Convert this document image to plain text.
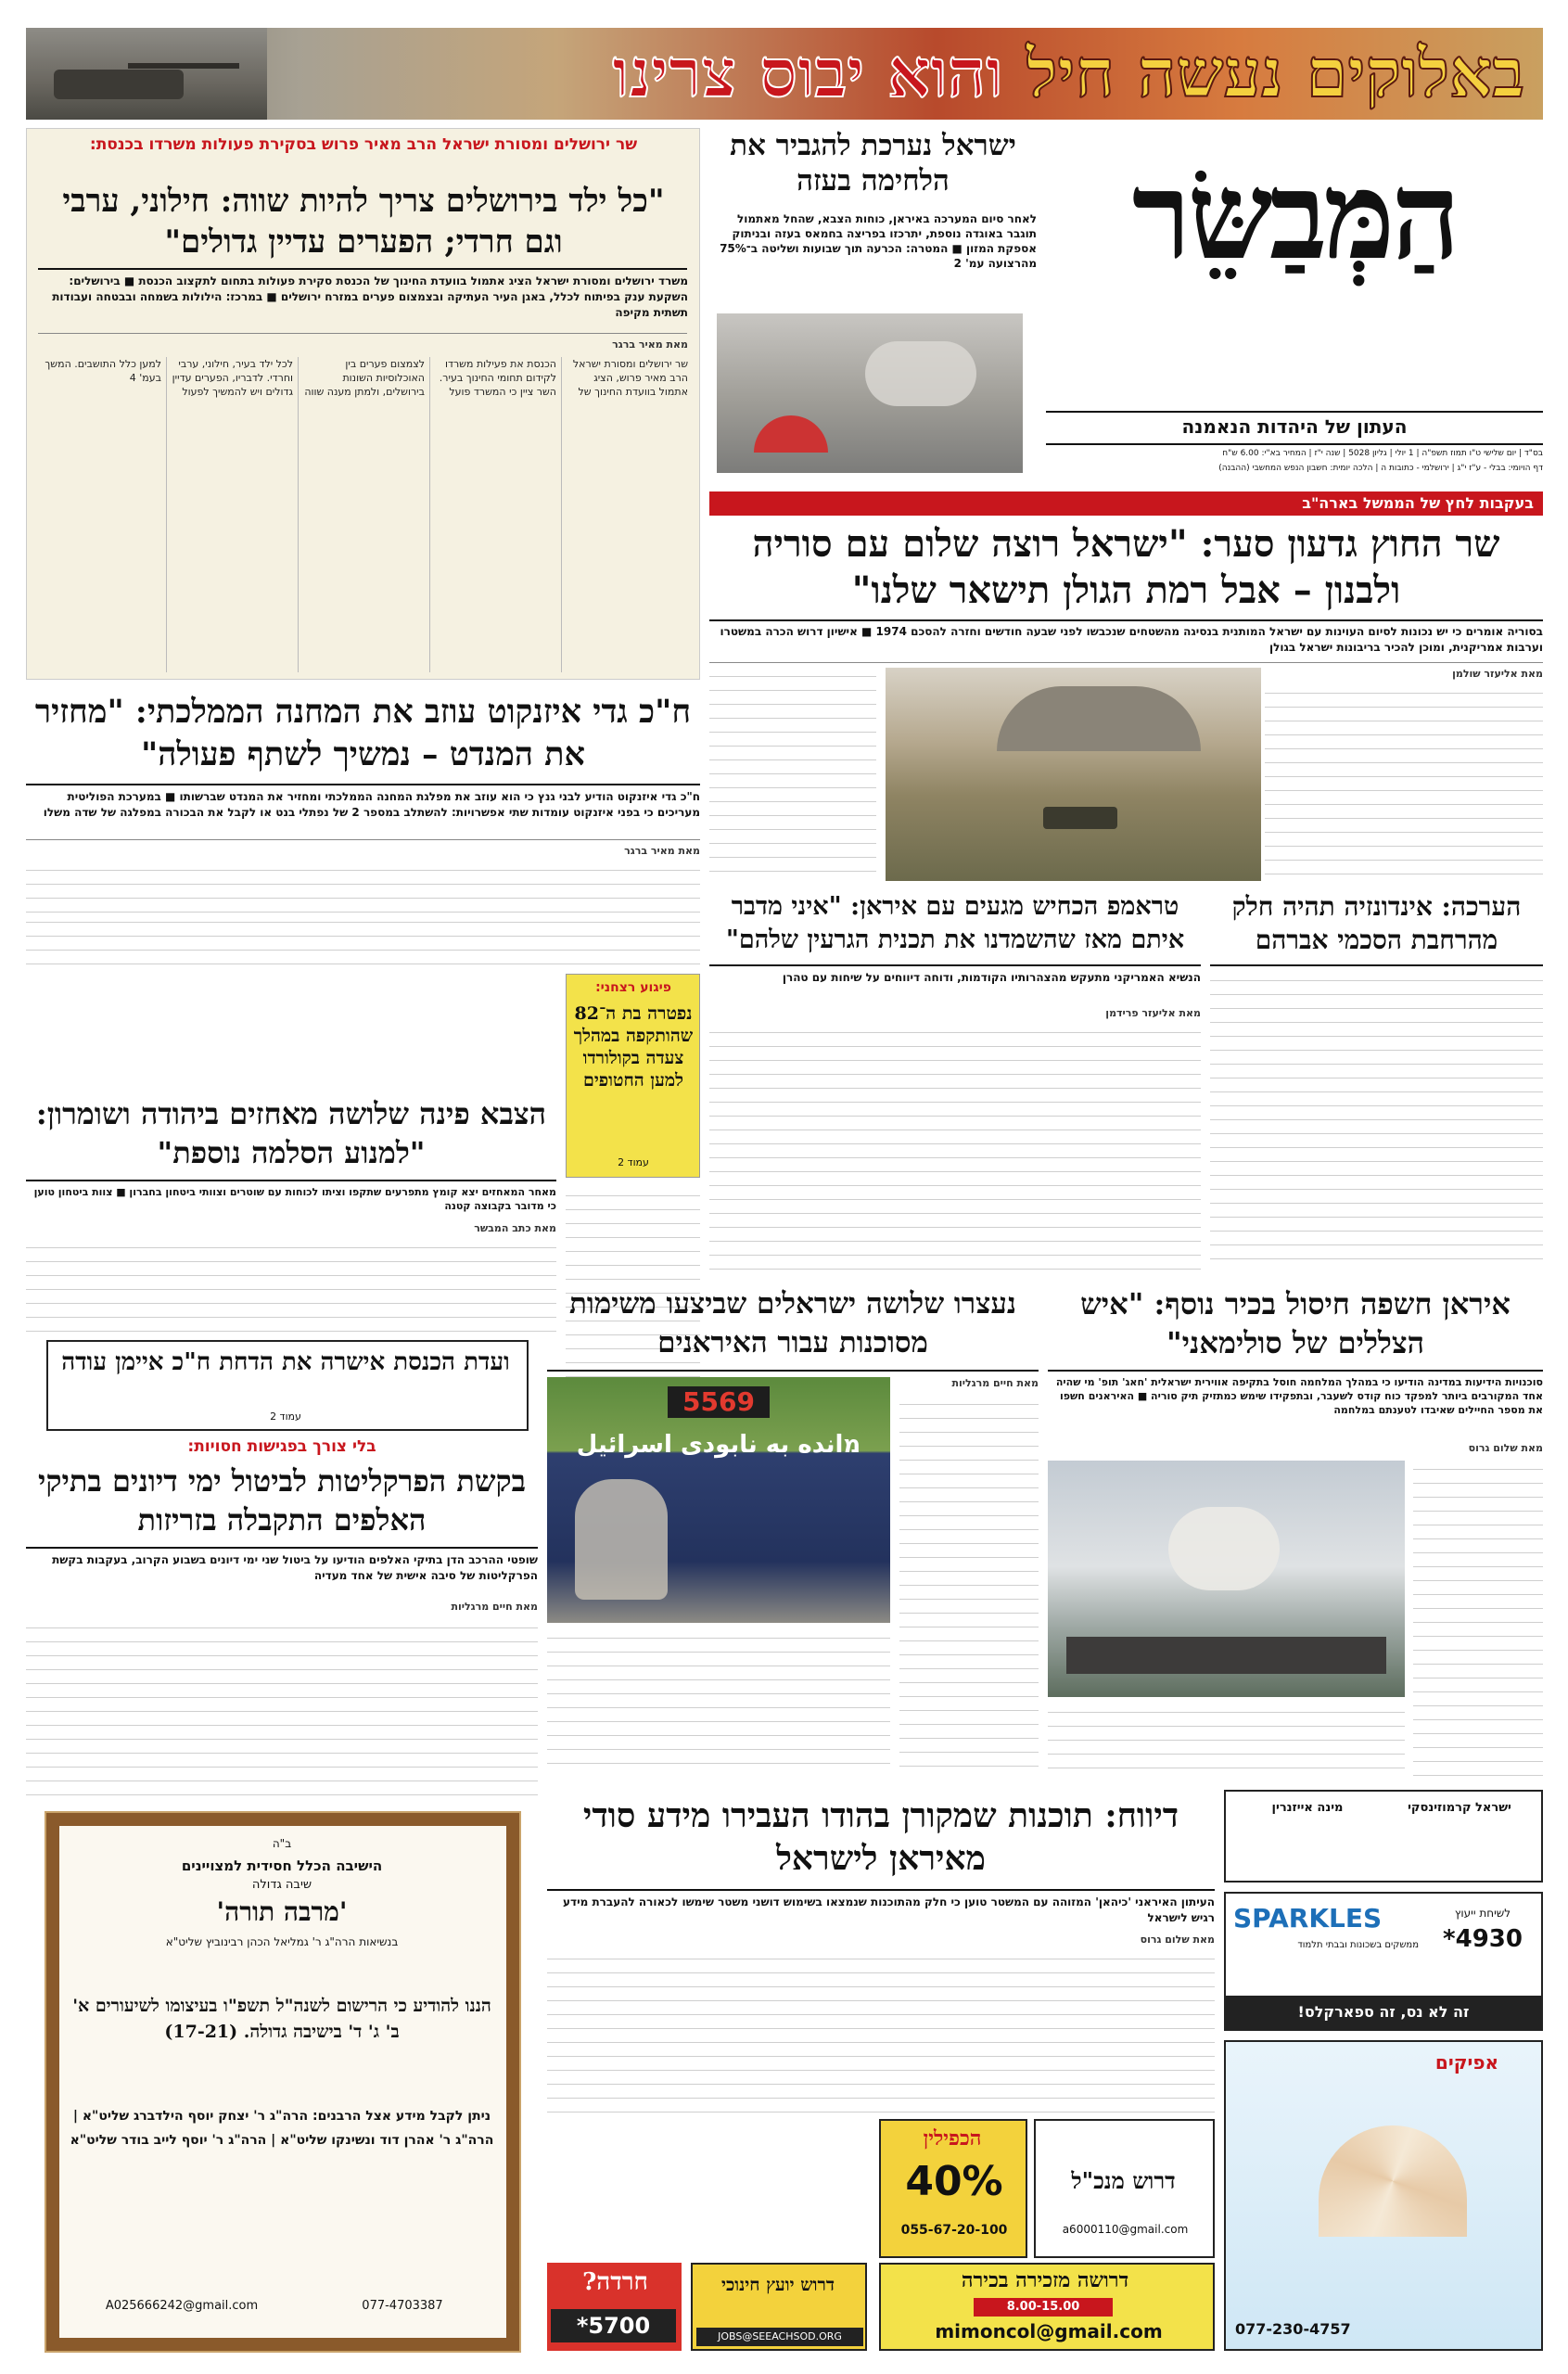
באלוקים נעשה חיל והוא יבוס צרינו
הַמְּבַשֵּׂר
העתון של היהדות הנאמנה
בס"ד | יום שלישי ט"ו תמוז תשפ"ה | 1 יולי | גליון 5028 | שנה י"ז | המחיר בא"י: 6.00 ש"ח
דף הויומי: בבלי - ע"ז י"ג | ירושלמי - כתובות ה | הלכה יומית: חשבון הנפש המחשבי (ההבנה)
ישראל נערכת להגביר את הלחימה בעזה
לאחר סיום המערכה באיראן, כוחות הצבא, שהחל מאתמול תוגבר באוגדה נוספת, יתרכזו בפריצה בחמאס בעזה ובניתוק אספקת המזון ■ המטרה: הכרעה תוך שבועות ושליטה ב־75% מהרצועה עמ' 2
שר ירושלים ומסורת ישראל הרב מאיר פרוש בסקירת פעולות משרדו בכנסת:
"כל ילד בירושלים צריך להיות שווה: חילוני, ערבי וגם חרדי; הפערים עדיין גדולים"
משרד ירושלים ומסורת ישראל הציג אתמול בוועדת החינוך של הכנסת סקירת פעולות בתחום לתקצוב הכנסת ■ בירושלים: השקעת ענק בפיתוח לכלל, באגן העיר העתיקה ובצמצום פערים במזרח ירושלים ■ במרכז: הילולות בשמחה ובבטחה ועבודות תשתית מקיפה
מאת מאיר ברגר
שר ירושלים ומסורת ישראל הרב מאיר פרוש, הציג אתמול בוועדת החינוך של הכנסת את פעילות משרדו לקידום תחומי החינוך בעיר. השר ציין כי המשרד פועל לצמצום פערים בין האוכלוסיות השונות בירושלים, ולמתן מענה שווה לכל ילד בעיר, חילוני, ערבי וחרדי. לדבריו, הפערים עדיין גדולים ויש להמשיך לפעול למען כלל התושבים. המשך בעמ' 4
בעקבות לחץ של הממשל בארה"ב
שר החוץ גדעון סער: "ישראל רוצה שלום עם סוריה ולבנון – אבל רמת הגולן תישאר שלנו"
בסוריה אומרים כי יש נכונות לסיום העוינות עם ישראל המותנית בנסיגה מהשטחים שנכבשו לפני שבעה חודשים וחזרה להסכם 1974 ■ אישיון דרוש הכרה במשטרו וערבות אמריקנית, ומוכן להכיר בריבונות ישראל בגולן
מאת אליעזר שולמן
ח"כ גדי איזנקוט עוזב את המחנה הממלכתי: "מחזיר את המנדט – נמשיך לשתף פעולה"
ח"כ גדי איזנקוט הודיע לבני גנץ כי הוא עוזב את מפלגת המחנה הממלכתי ומחזיר את המנדט שברשותו ■ במערכת הפוליטית מעריכים כי בפני איזנקוט עומדות שתי אפשרויות: להשתלב במספר 2 של נפתלי בנט או לקבל את הבכורה במפלגה של שדה משלו
מאת מאיר ברגר
הערכה: אינדונזיה תהיה חלק מהרחבת הסכמי אברהם
טראמפ הכחיש מגעים עם איראן: "איני מדבר איתם מאז שהשמדנו את תכנית הגרעין שלהם"
הנשיא האמריקני מתעקש מהצהרותיו הקודמות, ודוחה דיווחים על שיחות עם טהרן
מאת אליעזר פרידמן
פיגוע רצחני:
נפטרה בת ה־82 שהותקפה במהלך צעדה בקולורדו למען החטופים
עמוד 2
הצבא פינה שלושה מאחזים ביהודה ושומרון: "למנוע הסלמה נוספת"
מאחר המאחזים יצא קומץ מתפרעים שתקפו וציתו לכוחות עם שוטרים וצוותי ביטחון בחברון ■ צוות ביטחון טוען כי מדובר בקבוצה קטנה
מאת כתב המבשר
ועדת הכנסת אישרה את הדחת ח"כ איימן עודה
עמוד 2
איראן חשפה חיסול בכיר נוסף: "איש הצללים של סולימאני"
סוכנויות הידיעות במדינה הודיעו כי במהלך המלחמה חוסל בתקיפה אווירית ישראלית 'חאג' תופ' מי שהיה אחד המקורבים ביותר למפקד כוח קודס לשעבר, ובתפקידו שימש כמתזיק תיק סוריה ■ האיראנים חשפו את מספר החיילים שאיבדו לטענתם במלחמה
מאת שלום גרוס
נעצרו שלושה ישראלים שביצעו משימות מסוכנות עבור האיראנים
מאת חיים מרגליות
5569
מانده به نابودی اسرائیل
בלי צורך בפגישות חסויות:
בקשת הפרקליטות לביטול ימי דיונים בתיקי האלפים התקבלה בזריזות
שופטי ההרכב הדן בתיקי האלפים הודיעו על ביטול שני ימי דיונים בשבוע הקרוב, בעקבות בקשת הפרקליטות של סיבה אישית של אחד מעדיה
מאת חיים מרגליות
ב"ה
הישיבה הכלל חסידית למצויינים
שיבה גדולה
'מרבה תורה'
בנשיאות הרה"ג ר' גמליאל הכהן רבינוביץ שליט"א
הננו להודיע כי הרישום לשנה"ל תשפ"ו בעיצומו לשיעורים א' ב' ג' ד' בישיבה גדולה. (17-21)
ניתן לקבל מידע אצל הרבנים: הרה"ג ר' יצחק יוסף הילדברג שליט"א | הרה"ג ר' אהרן דוד ונשינקו שליט"א | הרה"ג ר' יוסף לייב בודר שליט"א
077-4703387
A025666242@gmail.com
דיווח: תוכנות שמקורן בהודו העבירו מידע סודי מאיראן לישראל
העיתון האיראני 'כיהאן' המזוהה עם המשטר טוען כי חלק מהתוכנות שנמצאו בשימוש דושני משטר שימשו לכאורה להעברת מידע רגיש לישראל
מאת שלום גרוס
הכפילין
40%
055-67-20-100
דרוש מנכ"ל
a6000110@gmail.com
חרדה?
*5700
דרוש יועץ חינוכי
JOBS@SEEACHSOD.ORG
דרושה מזכירה בכירה
8.00-15.00
mimoncol@gmail.com
ישראל קרמוזינסקי
מינה אייזנרין
SPARKLES
ממשקים בשכונות ובבתי תלמוד
לשיחת ייעוץ
*4930
זה לא נס, זה ספארקלס!
אפיקים
077-230-4757
